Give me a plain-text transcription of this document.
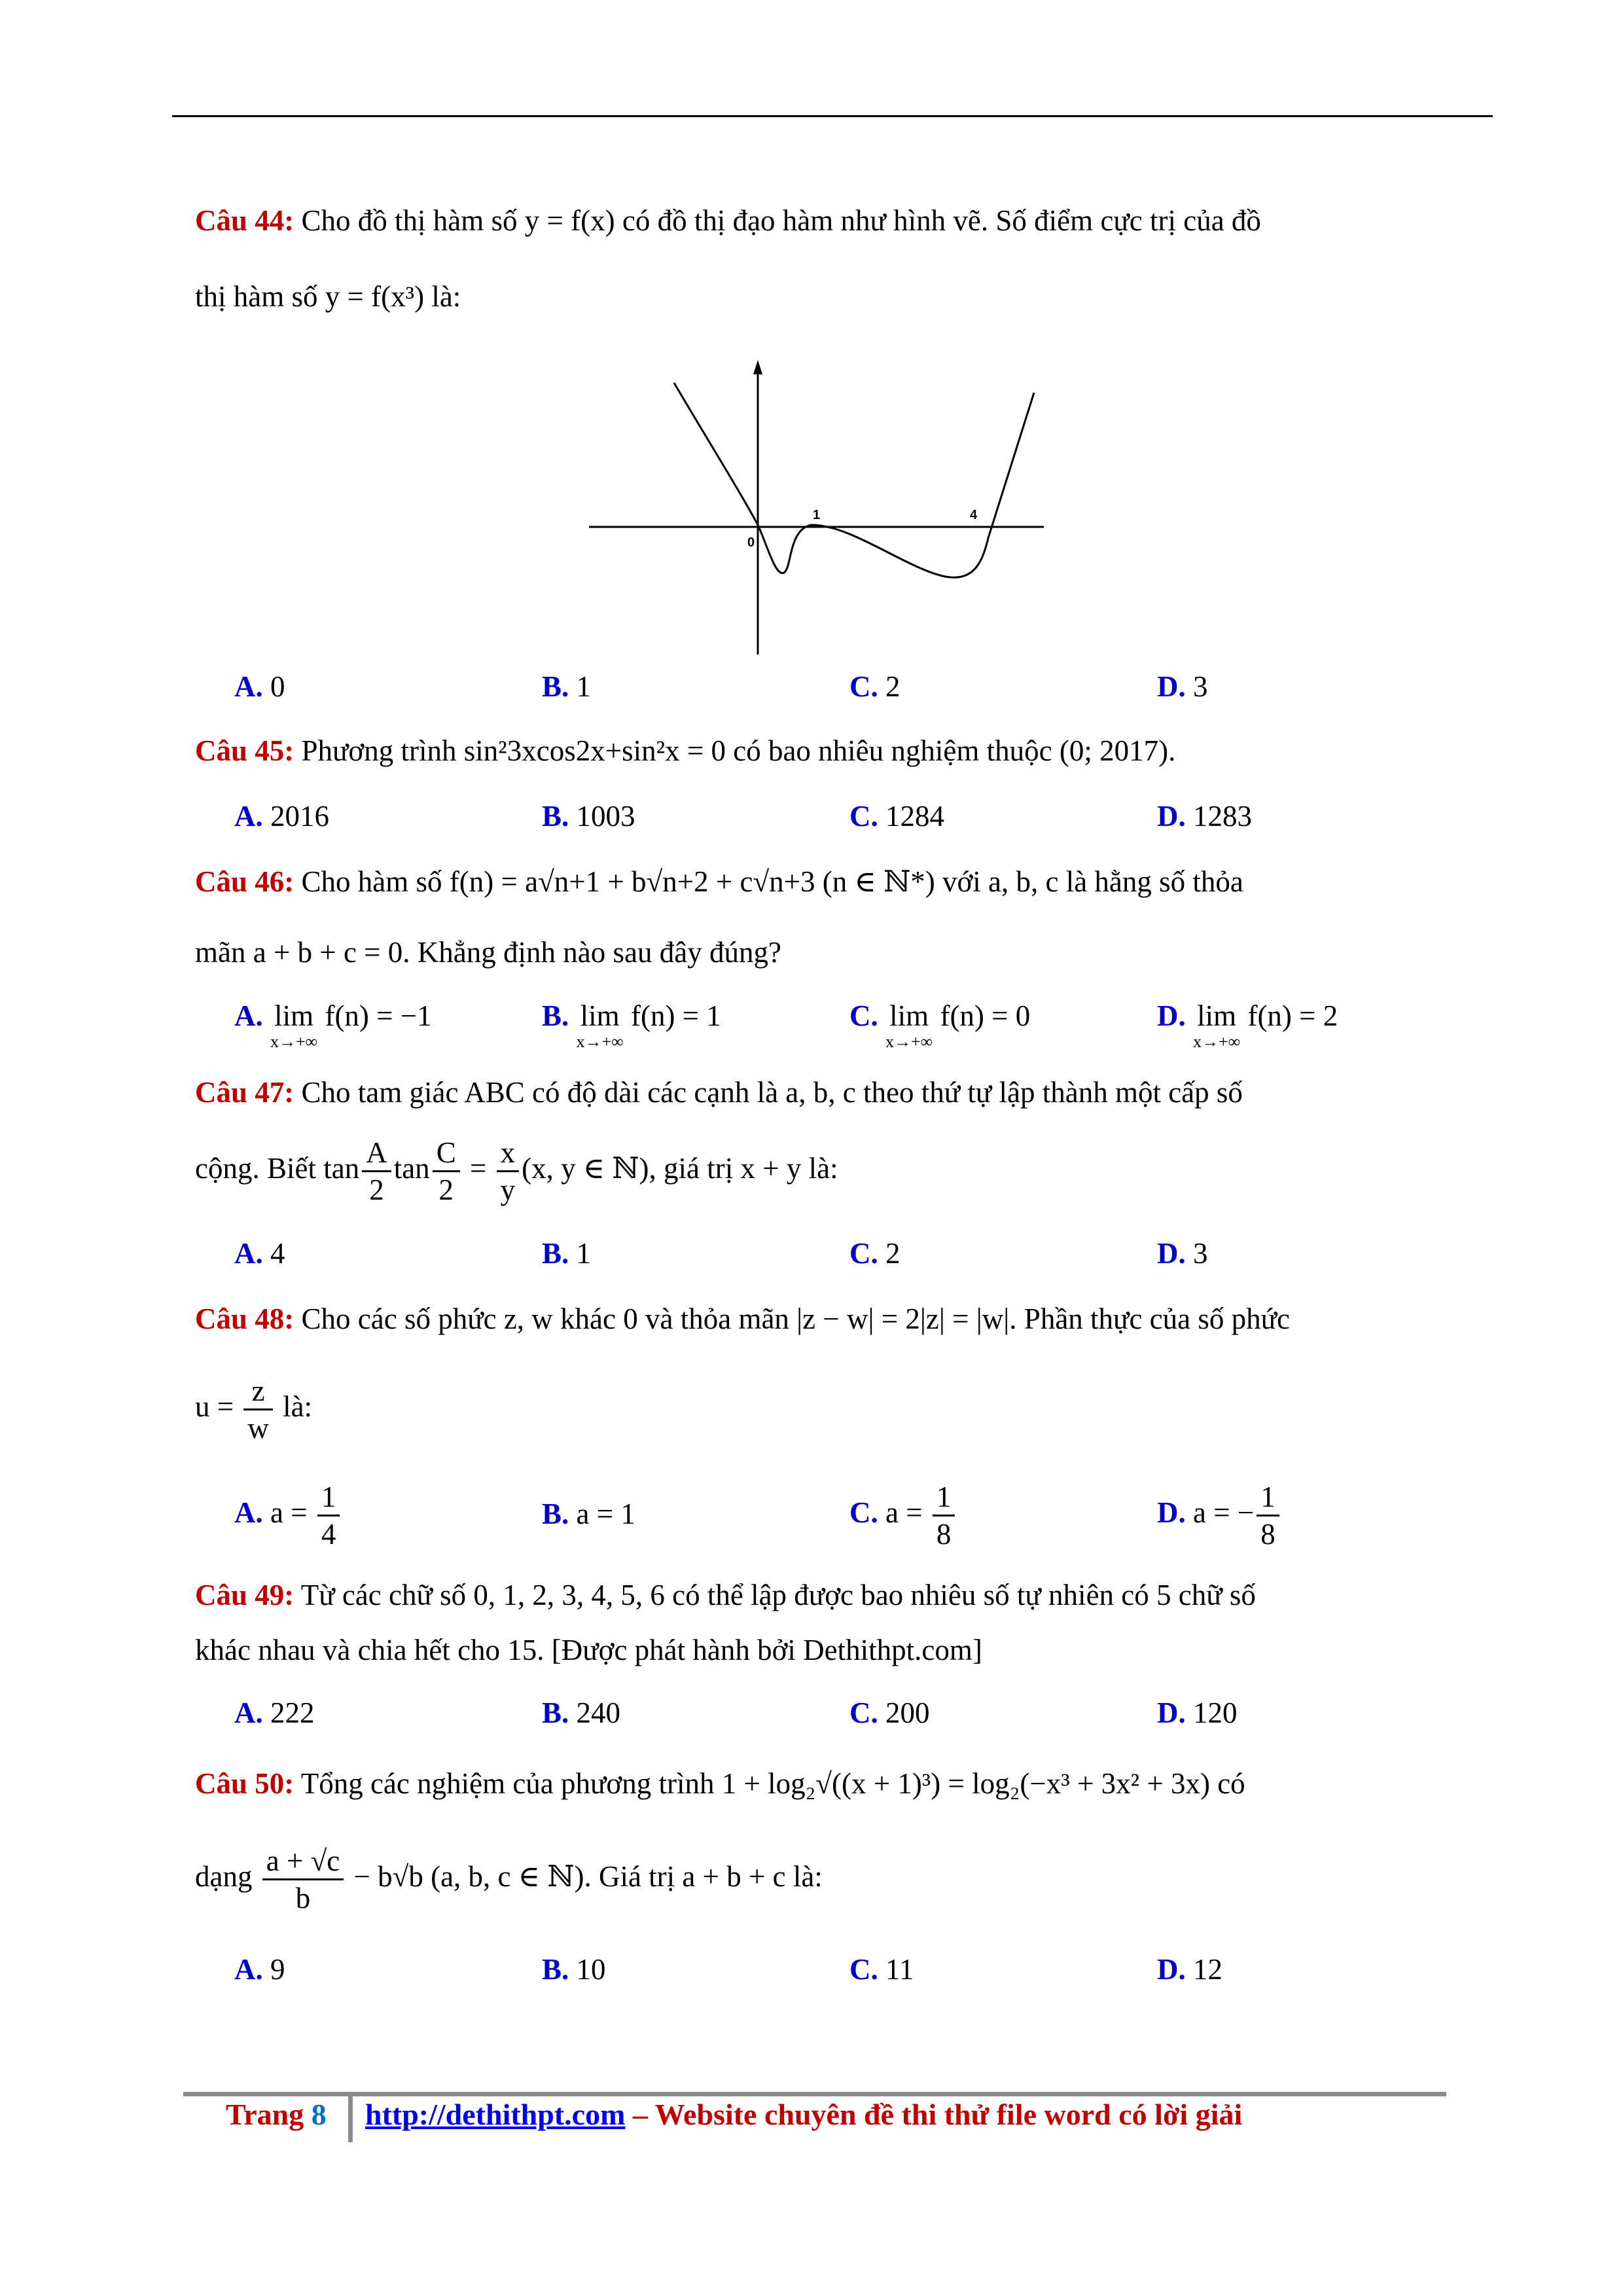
Câu 44: Cho đồ thị hàm số y = f(x) có đồ thị đạo hàm như hình vẽ. Số điểm cực trị của đồ
thị hàm số y = f(x³) là:
0
1	4
A. 0	B. 1	C. 2	D. 3
Câu 45: Phương trình sin²3xcos2x+sin²x = 0 có bao nhiêu nghiệm thuộc (0; 2017).
A. 2016	B. 1003	C. 1284	D. 1283
Câu 46: Cho hàm số f(n) = a√n+1 + b√n+2 + c√n+3 (n ∈ ℕ*) với a, b, c là hằng số thỏa
mãn a + b + c = 0. Khẳng định nào sau đây đúng?
A. lim
x→+∞
f(n) = −1	B. lim
x→+∞
f(n) = 1	C. lim
x→+∞
f(n) = 0	D. lim
x→+∞
f(n) = 2
Câu 47: Cho tam giác ABC có độ dài các cạnh là a, b, c theo thứ tự lập thành một cấp số
cộng. Biết $\tan \frac{A}{2}$ $\tan \frac{C}{2} = \frac{x}{y} (x$, y ∈ ℕ), giá trị x + y là:
A. 4	B. 1	C. 2	D. 3
Câu 48: Cho các số phức z, w khác 0 và thỏa mãn |z − w| = 2|z| = |w|. Phần thực của số phức
$u = \frac{z}{w}$ là:
A. $a = \frac{1}{4}$	B. a = 1	C. $a = \frac{1}{8}$	D. a = − $\frac{1}{8}$
Câu 49: Từ các chữ số 0, 1, 2, 3, 4, 5, 6 có thể lập được bao nhiêu số tự nhiên có 5 chữ số
khác nhau và chia hết cho 15. [Được phát hành bởi Dethithpt.com]
A. 222	B. 240	C. 200	D. 120
Câu 50: Tổng các nghiệm của phương trình 1 + log₂√((x + 1)³) = log₂(−x³ + 3x² + 3x) có
dạng $\frac{a + √c}{b} - b√b$ (a, b, c ∈ ℕ). Giá trị a + b + c là:
A. 9	B. 10	C. 11	D. 12
Trang 8 http://dethithpt.com – Website chuyên đề thi thử file word có lời giải
